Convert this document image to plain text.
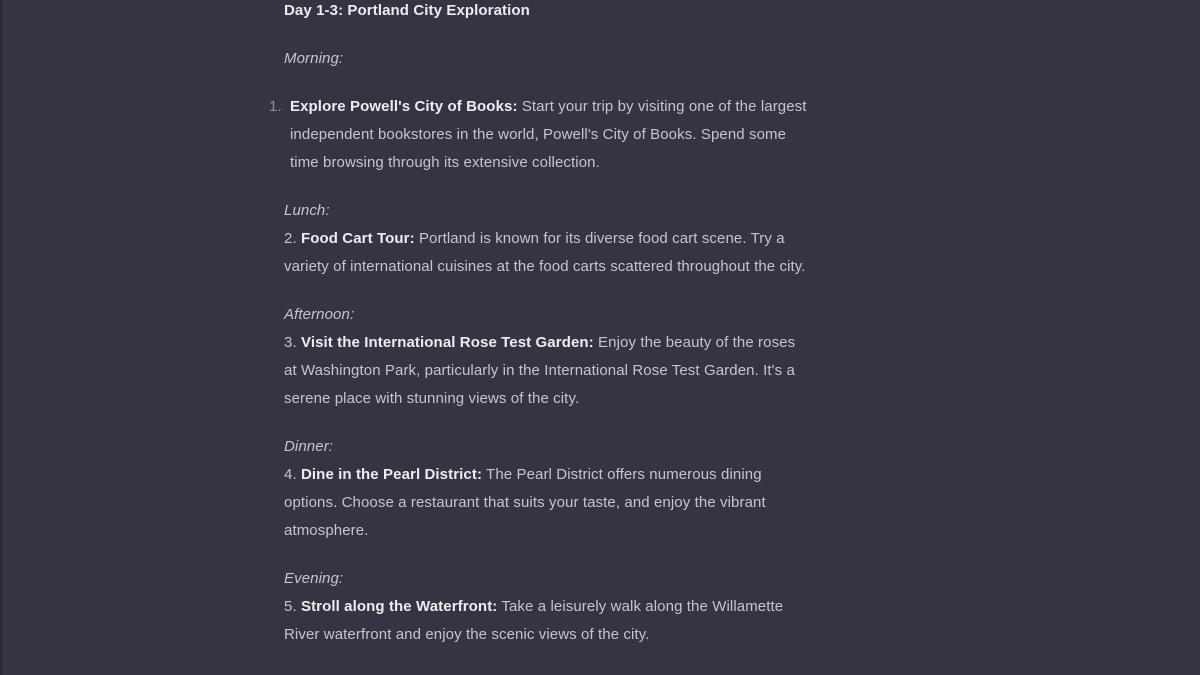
Day 1-3: Portland City Exploration

Morning:

1. Explore Powell's City of Books: Start your trip by visiting one of the largest independent bookstores in the world, Powell's City of Books. Spend some time browsing through its extensive collection.

Lunch:
2. Food Cart Tour: Portland is known for its diverse food cart scene. Try a variety of international cuisines at the food carts scattered throughout the city.

Afternoon:
3. Visit the International Rose Test Garden: Enjoy the beauty of the roses at Washington Park, particularly in the International Rose Test Garden. It's a serene place with stunning views of the city.

Dinner:
4. Dine in the Pearl District: The Pearl District offers numerous dining options. Choose a restaurant that suits your taste, and enjoy the vibrant atmosphere.

Evening:
5. Stroll along the Waterfront: Take a leisurely walk along the Willamette River waterfront and enjoy the scenic views of the city.
